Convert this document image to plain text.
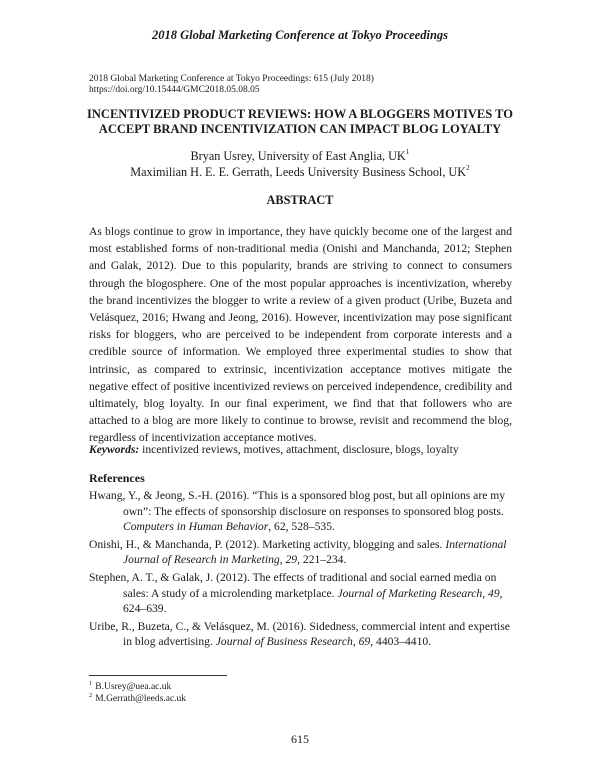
2018 Global Marketing Conference at Tokyo Proceedings
2018 Global Marketing Conference at Tokyo Proceedings: 615 (July 2018)
https://doi.org/10.15444/GMC2018.05.08.05
INCENTIVIZED PRODUCT REVIEWS: HOW A BLOGGERS MOTIVES TO
ACCEPT BRAND INCENTIVIZATION CAN IMPACT BLOG LOYALTY
Bryan Usrey, University of East Anglia, $UK^1$
Maximilian H. E. E. Gerrath, Leeds University Business School, $UK^2$
ABSTRACT
As blogs continue to grow in importance, they have quickly become one of the largest and most established forms of non-traditional media (Onishi and Manchanda, 2012; Stephen and Galak, 2012). Due to this popularity, brands are striving to connect to consumers through the blogosphere. One of the most popular approaches is incentivization, whereby the brand incentivizes the blogger to write a review of a given product (Uribe, Buzeta and Velásquez, 2016; Hwang and Jeong, 2016). However, incentivization may pose significant risks for bloggers, who are perceived to be independent from corporate interests and a credible source of information. We employed three experimental studies to show that intrinsic, as compared to extrinsic, incentivization acceptance motives mitigate the negative effect of positive incentivized reviews on perceived independence, credibility and ultimately, blog loyalty. In our final experiment, we find that that followers who are attached to a blog are more likely to continue to browse, revisit and recommend the blog, regardless of incentivization acceptance motives.
Keywords: incentivized reviews, motives, attachment, disclosure, blogs, loyalty
References
Hwang, Y., & Jeong, S.-H. (2016). “This is a sponsored blog post, but all opinions are my own”: The effects of sponsorship disclosure on responses to sponsored blog posts. Computers in Human Behavior, 62, 528–535.
Onishi, H., & Manchanda, P. (2012). Marketing activity, blogging and sales. International Journal of Research in Marketing, 29, 221–234.
Stephen, A. T., & Galak, J. (2012). The effects of traditional and social earned media on sales: A study of a microlending marketplace. Journal of Marketing Research, 49, 624–639.
Uribe, R., Buzeta, C., & Velásquez, M. (2016). Sidedness, commercial intent and expertise in blog advertising. Journal of Business Research, 69, 4403–4410.
$^1$ B.Usrey@uea.ac.uk
$^2$ M.Gerrath@leeds.ac.uk
615
